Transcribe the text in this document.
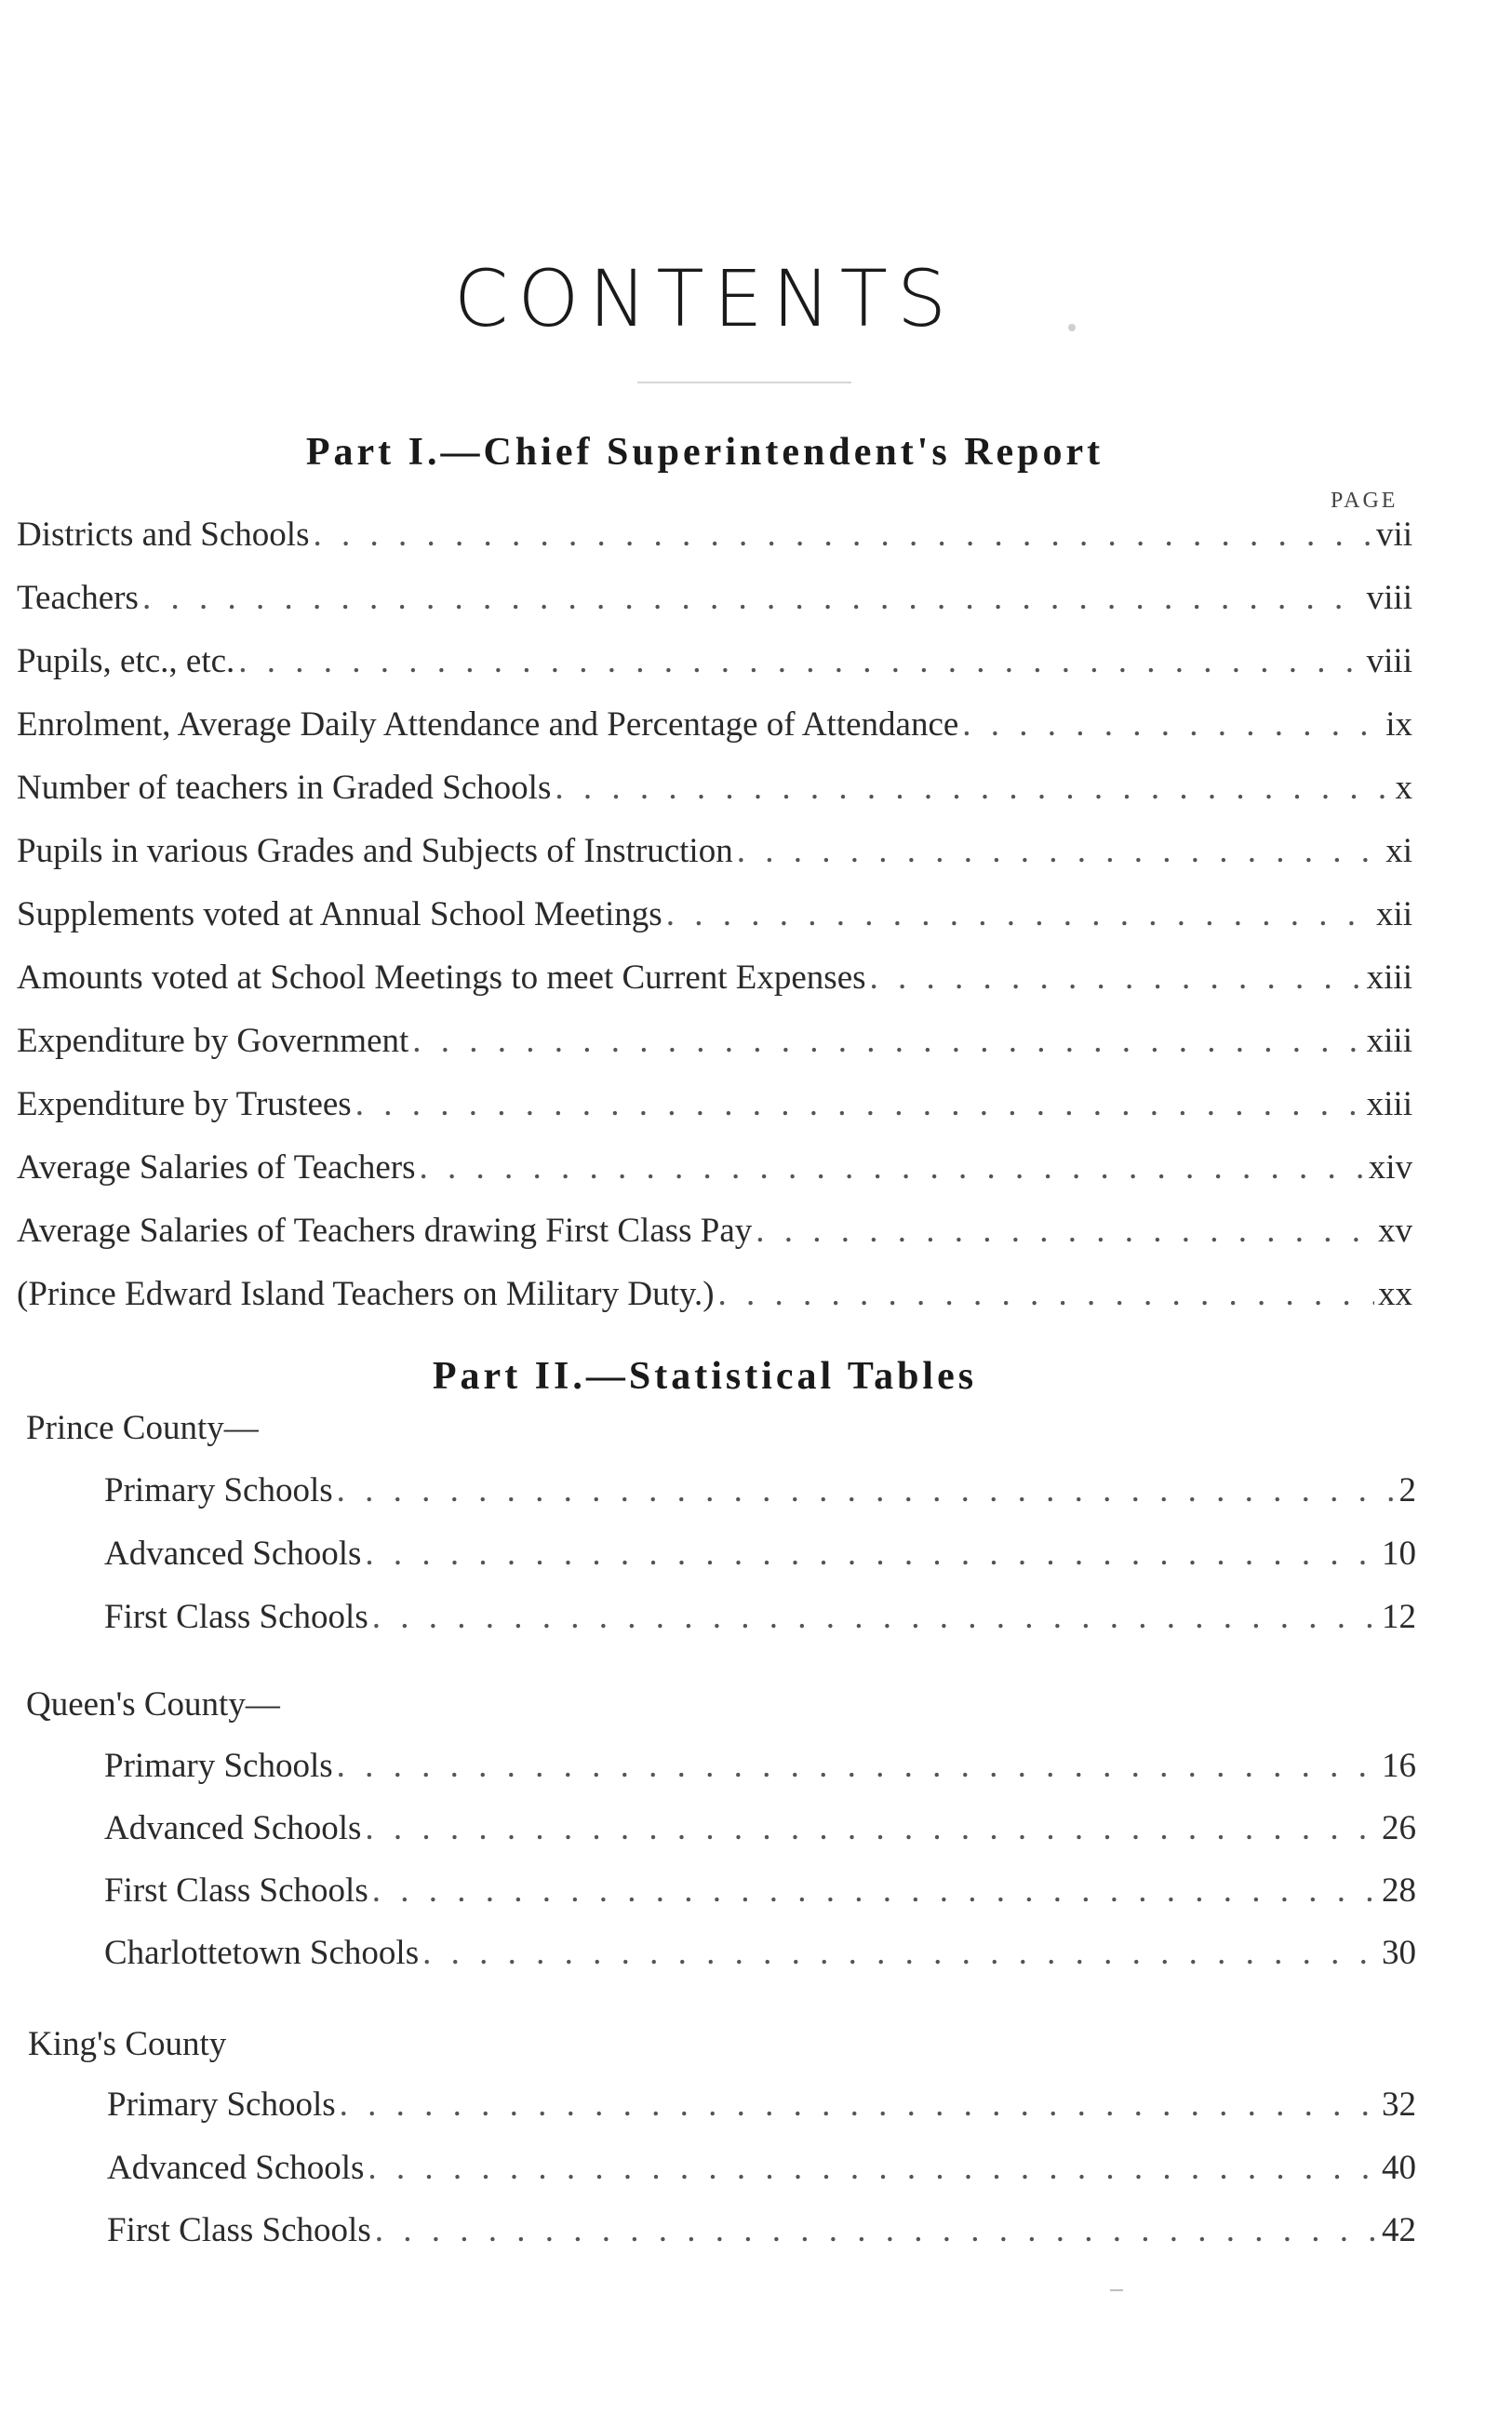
CONTENTS
Part I.—Chief Superintendent's Report
PAGE
Districts and Schools . . .	vii
Teachers . . .	viii
Pupils, etc., etc. . . .	viii
Enrolment, Average Daily Attendance and Percentage of Attendance . . .	ix
Number of teachers in Graded Schools . . .	x
Pupils in various Grades and Subjects of Instruction . . .	xi
Supplements voted at Annual School Meetings . . .	xii
Amounts voted at School Meetings to meet Current Expenses . . .	xiii
Expenditure by Government . . .	xiii
Expenditure by Trustees . . .	xiii
Average Salaries of Teachers . . .	xiv
Average Salaries of Teachers drawing First Class Pay . . .	xv
(Prince Edward Island Teachers on Military Duty.) . . .	xx
Part II.—Statistical Tables
Prince County—
Primary Schools . . .	2
Advanced Schools . . .	10
First Class Schools . . .	12
Queen's County—
Primary Schools . . .	16
Advanced Schools . . .	26
First Class Schools . . .	28
Charlottetown Schools . . .	30
King's County
Primary Schools . . .	32
Advanced Schools . . .	40
First Class Schools . . .	42
